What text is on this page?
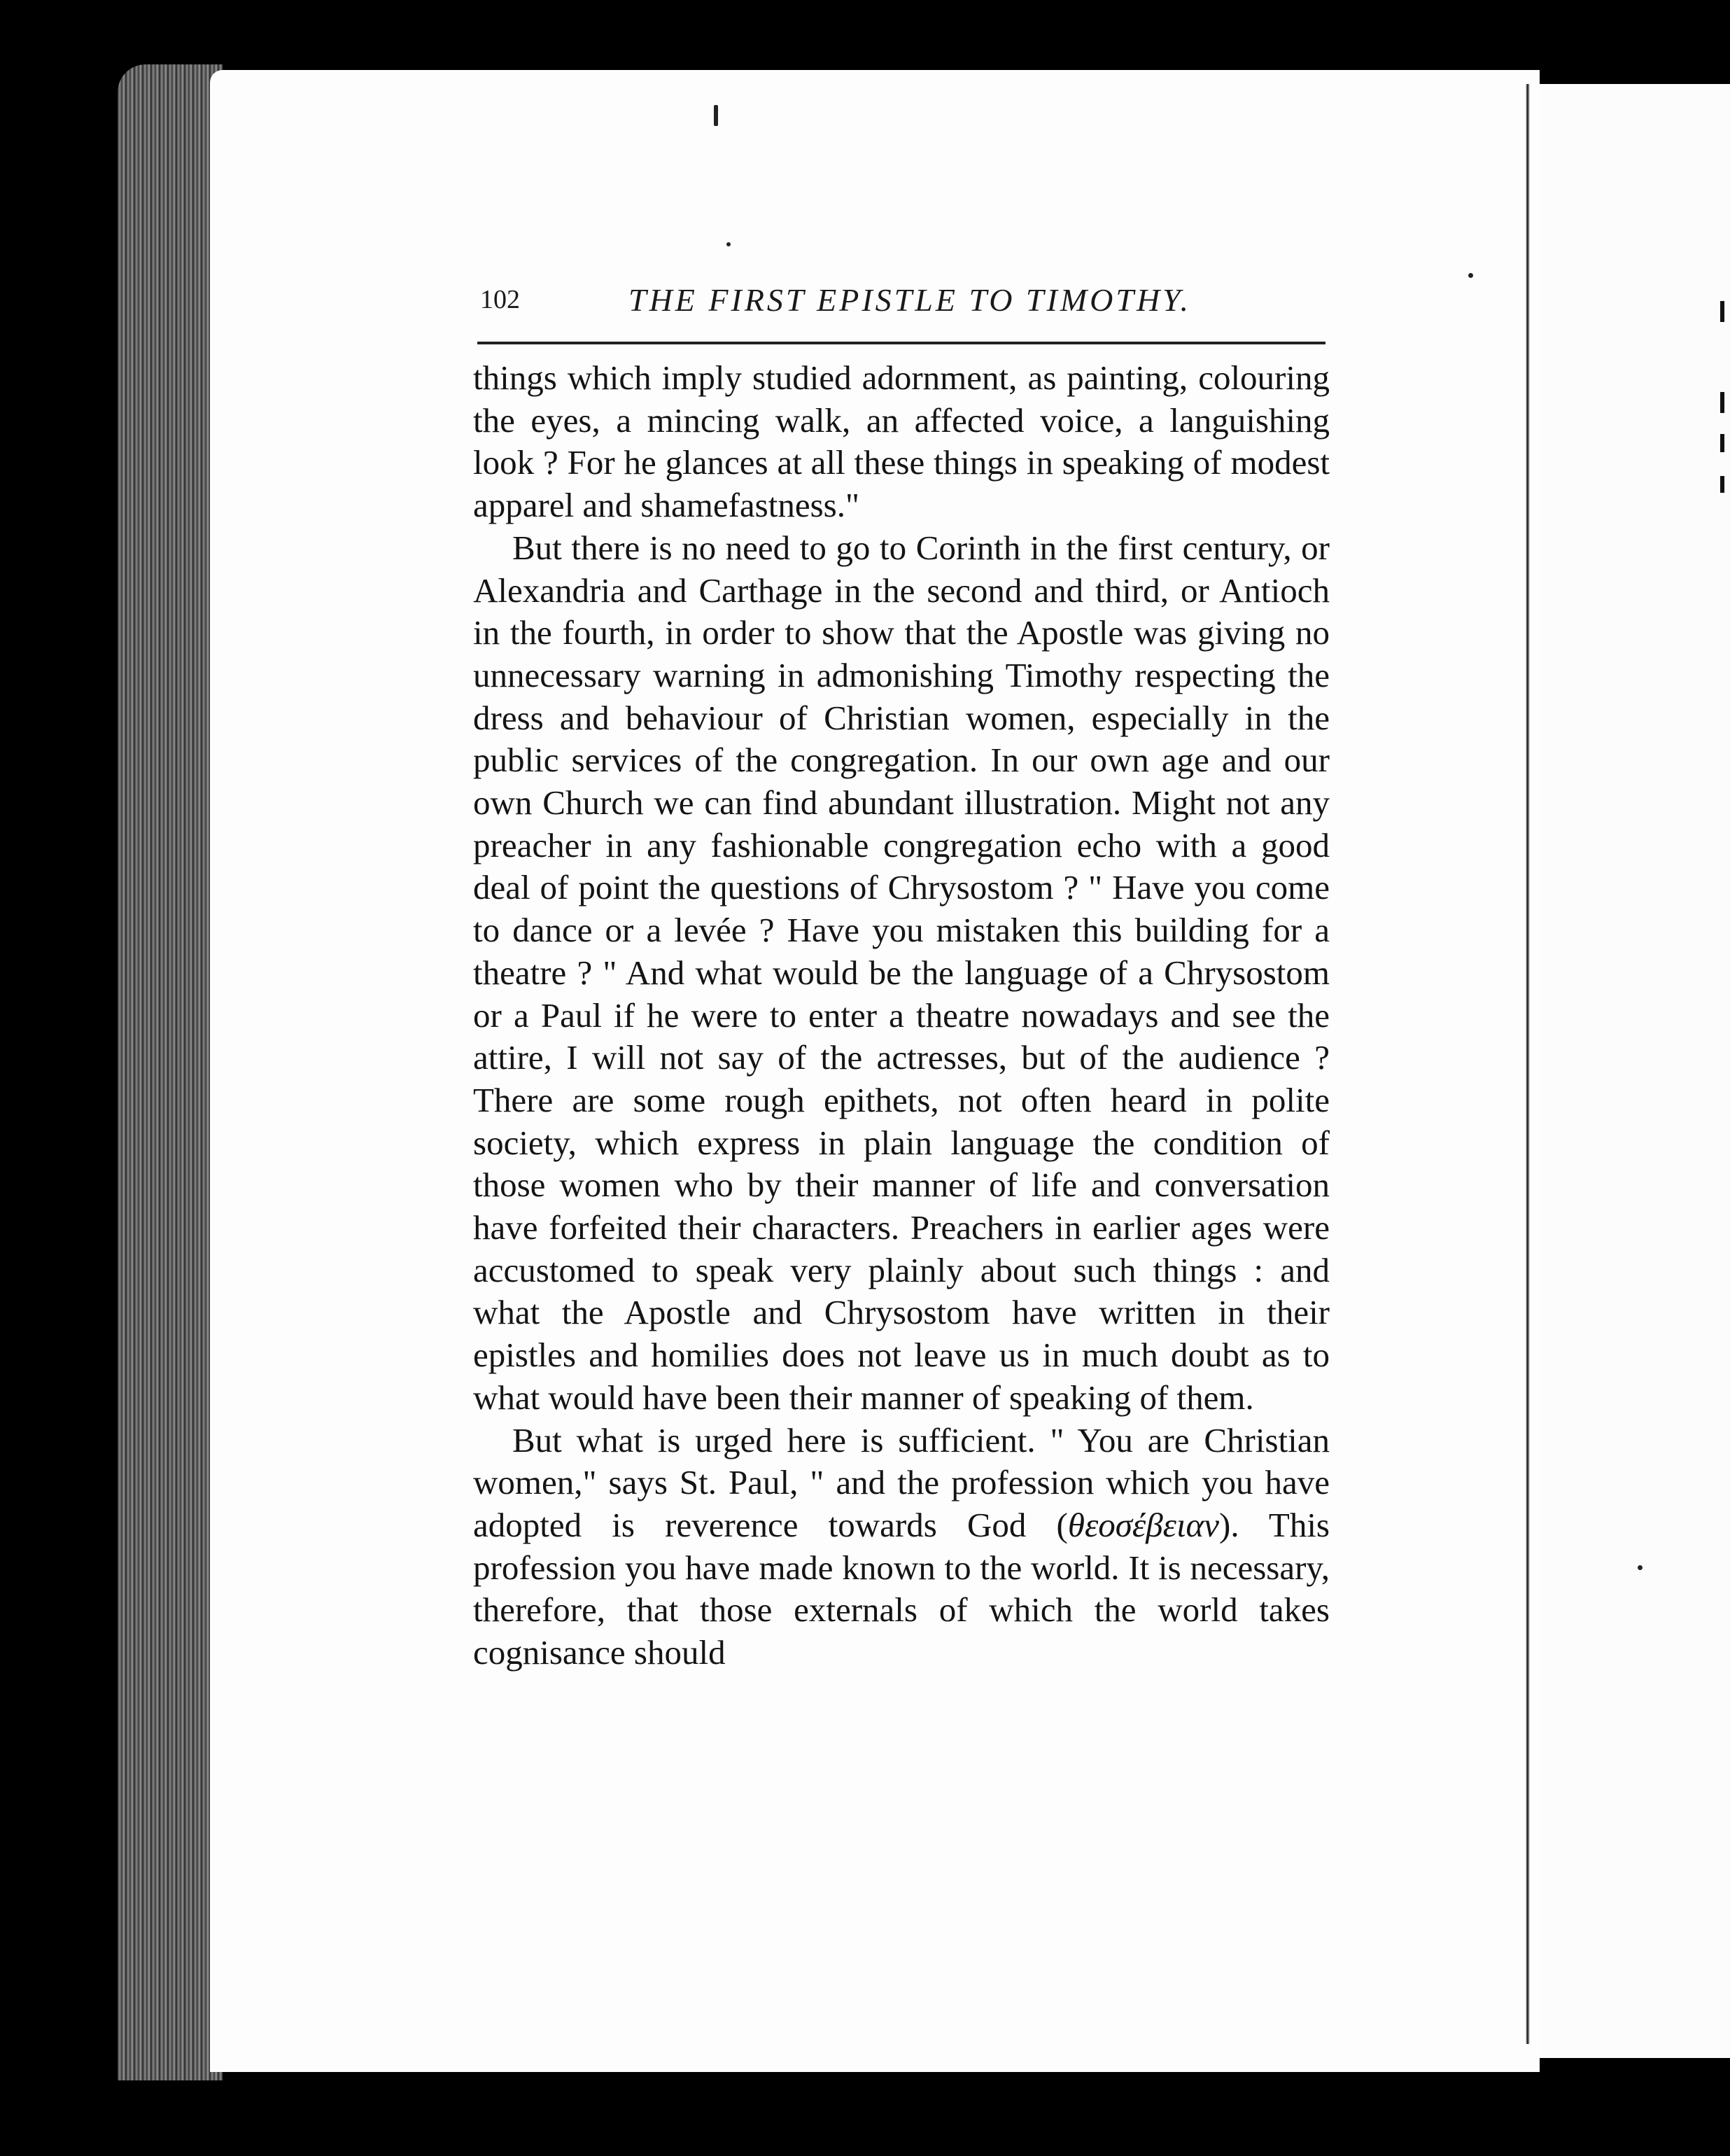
102	THE FIRST EPISTLE TO TIMOTHY.

things which imply studied adornment, as painting, colouring the eyes, a mincing walk, an affected voice, a languishing look ? For he glances at all these things in speaking of modest apparel and shamefastness."

But there is no need to go to Corinth in the first century, or Alexandria and Carthage in the second and third, or Antioch in the fourth, in order to show that the Apostle was giving no unnecessary warning in admonishing Timothy respecting the dress and behaviour of Christian women, especially in the public services of the congregation. In our own age and our own Church we can find abundant illustration. Might not any preacher in any fashionable congregation echo with a good deal of point the questions of Chrysostom ? " Have you come to dance or a levée ? Have you mistaken this building for a theatre ? " And what would be the language of a Chrysostom or a Paul if he were to enter a theatre nowadays and see the attire, I will not say of the actresses, but of the audience ? There are some rough epithets, not often heard in polite society, which express in plain language the condition of those women who by their manner of life and conversation have forfeited their characters. Preachers in earlier ages were accustomed to speak very plainly about such things : and what the Apostle and Chrysostom have written in their epistles and homilies does not leave us in much doubt as to what would have been their manner of speaking of them.

But what is urged here is sufficient. " You are Christian women," says St. Paul, " and the profession which you have adopted is reverence towards God (θεοσέβειαν). This profession you have made known to the world. It is necessary, therefore, that those externals of which the world takes cognisance should
